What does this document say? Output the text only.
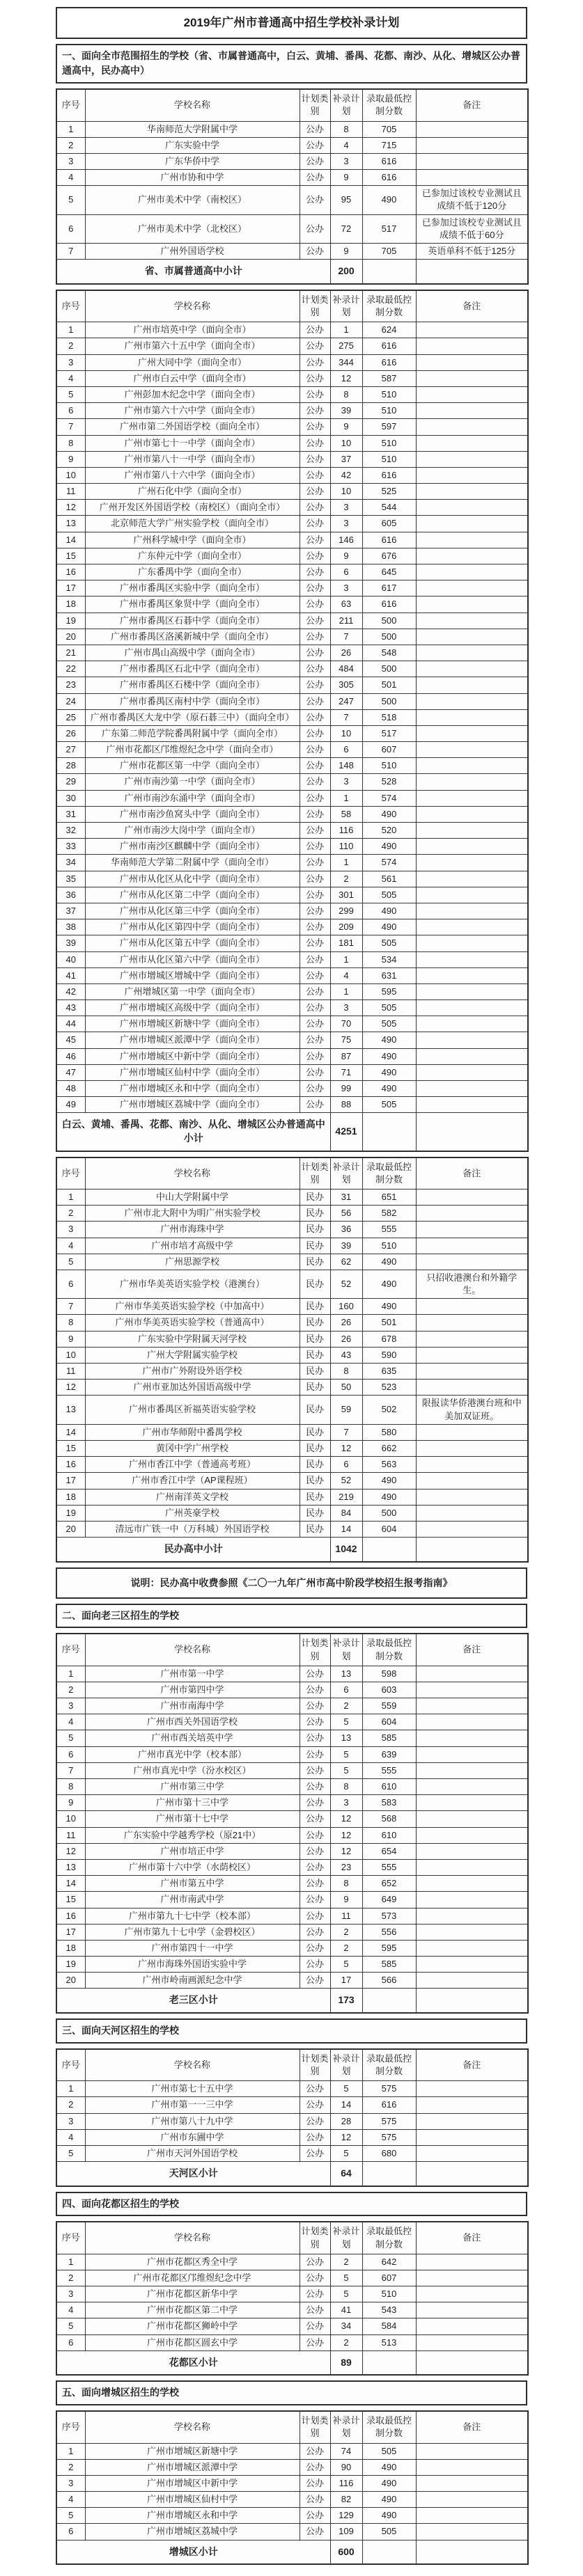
2019年广州市普通高中招生学校补录计划
一、面向全市范围招生的学校（省、市属普通高中，白云、黄埔、番禺、花都、南沙、从化、增城区公办普通高中，民办高中）
序号	学校名称	计划类别	补录计划	录取最低控制分数	备注
1	华南师范大学附属中学	公办	8	705	
2	广东实验中学	公办	4	715	
3	广东华侨中学	公办	3	616	
4	广州市协和中学	公办	9	616	
5	广州市美术中学（南校区）	公办	95	490	已参加过该校专业测试且成绩不低于120分
6	广州市美术中学（北校区）	公办	72	517	已参加过该校专业测试且成绩不低于60分
7	广州外国语学校	公办	9	705	英语单科不低于125分
省、市属普通高中小计			200		
序号	学校名称	计划类别	补录计划	录取最低控制分数	备注
1	广州市培英中学（面向全市）	公办	1	624	
2	广州市第六十五中学（面向全市）	公办	275	616	
3	广州大同中学（面向全市）	公办	344	616	
4	广州市白云中学（面向全市）	公办	12	587	
5	广州彭加木纪念中学（面向全市）	公办	8	510	
6	广州市第六十六中学（面向全市）	公办	39	510	
7	广州市第二外国语学校（面向全市）	公办	9	597	
8	广州市第七十一中学（面向全市）	公办	10	510	
9	广州市第八十一中学（面向全市）	公办	37	510	
10	广州市第八十六中学（面向全市）	公办	42	616	
11	广州石化中学（面向全市）	公办	10	525	
12	广州开发区外国语学校（南校区）（面向全市）	公办	3	544	
13	北京师范大学广州实验学校（面向全市）	公办	3	605	
14	广州科学城中学（面向全市）	公办	146	616	
15	广东仲元中学（面向全市）	公办	9	676	
16	广东番禺中学（面向全市）	公办	6	645	
17	广州市番禺区实验中学（面向全市）	公办	3	617	
18	广州市番禺区象贤中学（面向全市）	公办	63	616	
19	广州市番禺区石碁中学（面向全市）	公办	211	500	
20	广州市番禺区洛溪新城中学（面向全市）	公办	7	500	
21	广州市禺山高级中学（面向全市）	公办	26	548	
22	广州市番禺区石北中学（面向全市）	公办	484	500	
23	广州市番禺区石楼中学（面向全市）	公办	305	501	
24	广州市番禺区南村中学（面向全市）	公办	247	500	
25	广州市番禺区大龙中学（原石碁三中）（面向全市）	公办	7	518	
26	广东第二师范学院番禺附属中学（面向全市）	公办	10	517	
27	广州市花都区邝维煜纪念中学（面向全市）	公办	6	607	
28	广州市花都区第一中学（面向全市）	公办	148	510	
29	广州市南沙第一中学（面向全市）	公办	3	528	
30	广州市南沙东涌中学（面向全市）	公办	1	574	
31	广州市南沙鱼窝头中学（面向全市）	公办	58	490	
32	广州市南沙大岗中学（面向全市）	公办	116	520	
33	广州市南沙区麒麟中学（面向全市）	公办	110	490	
34	华南师范大学第二附属中学（面向全市）	公办	1	574	
35	广州市从化区从化中学（面向全市）	公办	2	561	
36	广州市从化区第二中学（面向全市）	公办	301	505	
37	广州市从化区第三中学（面向全市）	公办	299	490	
38	广州市从化区第四中学（面向全市）	公办	209	490	
39	广州市从化区第五中学（面向全市）	公办	181	505	
40	广州市从化区第六中学（面向全市）	公办	1	534	
41	广州市增城区增城中学（面向全市）	公办	4	631	
42	广州增城区第一中学（面向全市）	公办	1	595	
43	广州市增城区高级中学（面向全市）	公办	3	505	
44	广州市增城区新塘中学（面向全市）	公办	70	505	
45	广州市增城区派潭中学（面向全市）	公办	75	490	
46	广州市增城区中新中学（面向全市）	公办	87	490	
47	广州市增城区仙村中学（面向全市）	公办	71	490	
48	广州市增城区永和中学（面向全市）	公办	99	490	
49	广州市增城区荔城中学（面向全市）	公办	88	505	
白云、黄埔、番禺、花都、南沙、从化、增城区公办普通高中小计			4251		
序号	学校名称	计划类别	补录计划	录取最低控制分数	备注
1	中山大学附属中学	民办	31	651	
2	广州市北大附中为明广州实验学校	民办	56	582	
3	广州市海珠中学	民办	36	555	
4	广州市培才高级中学	民办	39	510	
5	广州思源学校	民办	62	490	
6	广州市华美英语实验学校（港澳台）	民办	52	490	只招收港澳台和外籍学生。
7	广州市华美英语实验学校（中加高中）	民办	160	490	
8	广州市华美英语实验学校（普通高中）	民办	26	501	
9	广东实验中学附属天河学校	民办	26	678	
10	广州大学附属实验学校	民办	43	590	
11	广州市广外附设外语学校	民办	8	635	
12	广州市亚加达外国语高级中学	民办	50	523	
13	广州市番禺区祈福英语实验学校	民办	59	502	限报读华侨港澳台班和中美加双证班。
14	广州市华师附中番禺学校	民办	7	580	
15	黄冈中学广州学校	民办	12	662	
16	广州市香江中学（普通高考班）	民办	6	563	
17	广州市香江中学（AP课程班）	民办	52	490	
18	广州南洋英文学校	民办	219	490	
19	广州英豪学校	民办	84	500	
20	清远市广铁一中（万科城）外国语学校	民办	14	604	
民办高中小计			1042		
说明：民办高中收费参照《二〇一九年广州市高中阶段学校招生报考指南》
二、面向老三区招生的学校
序号	学校名称	计划类别	补录计划	录取最低控制分数	备注
1	广州市第一中学	公办	13	598	
2	广州市第四中学	公办	6	603	
3	广州市南海中学	公办	2	559	
4	广州市西关外国语学校	公办	5	604	
5	广州市西关培英中学	公办	13	585	
6	广州市真光中学（校本部）	公办	5	639	
7	广州市真光中学（汾水校区）	公办	5	555	
8	广州市第三中学	公办	8	610	
9	广州市第十三中学	公办	3	583	
10	广州市第十七中学	公办	12	568	
11	广东实验中学越秀学校（原21中）	公办	12	610	
12	广州市培正中学	公办	12	654	
13	广州市第十六中学（水荫校区）	公办	23	555	
14	广州市第五中学	公办	8	652	
15	广州市南武中学	公办	9	649	
16	广州市第九十七中学（校本部）	公办	11	573	
17	广州市第九十七中学（金碧校区）	公办	2	556	
18	广州市第四十一中学	公办	2	595	
19	广州市海珠外国语实验中学	公办	5	585	
20	广州市岭南画派纪念中学	公办	17	566	
老三区小计			173		
三、面向天河区招生的学校
序号	学校名称	计划类别	补录计划	录取最低控制分数	备注
1	广州市第七十五中学	公办	5	575	
2	广州市第一一三中学	公办	14	616	
3	广州市第八十九中学	公办	28	575	
4	广州市东圃中学	公办	12	575	
5	广州市天河外国语学校	公办	5	680	
天河区小计			64		
四、面向花都区招生的学校
序号	学校名称	计划类别	补录计划	录取最低控制分数	备注
1	广州市花都区秀全中学	公办	2	642	
2	广州市花都区邝维煜纪念中学	公办	5	607	
3	广州市花都区新华中学	公办	5	510	
4	广州市花都区第二中学	公办	41	543	
5	广州市花都区狮岭中学	公办	34	584	
6	广州市花都区圆玄中学	公办	2	513	
花都区小计			89		
五、面向增城区招生的学校
序号	学校名称	计划类别	补录计划	录取最低控制分数	备注
1	广州市增城区新塘中学	公办	74	505	
2	广州市增城区派潭中学	公办	90	490	
3	广州市增城区中新中学	公办	116	490	
4	广州市增城区仙村中学	公办	82	490	
5	广州市增城区永和中学	公办	129	490	
6	广州市增城区荔城中学	公办	109	505	
增城区小计			600		
